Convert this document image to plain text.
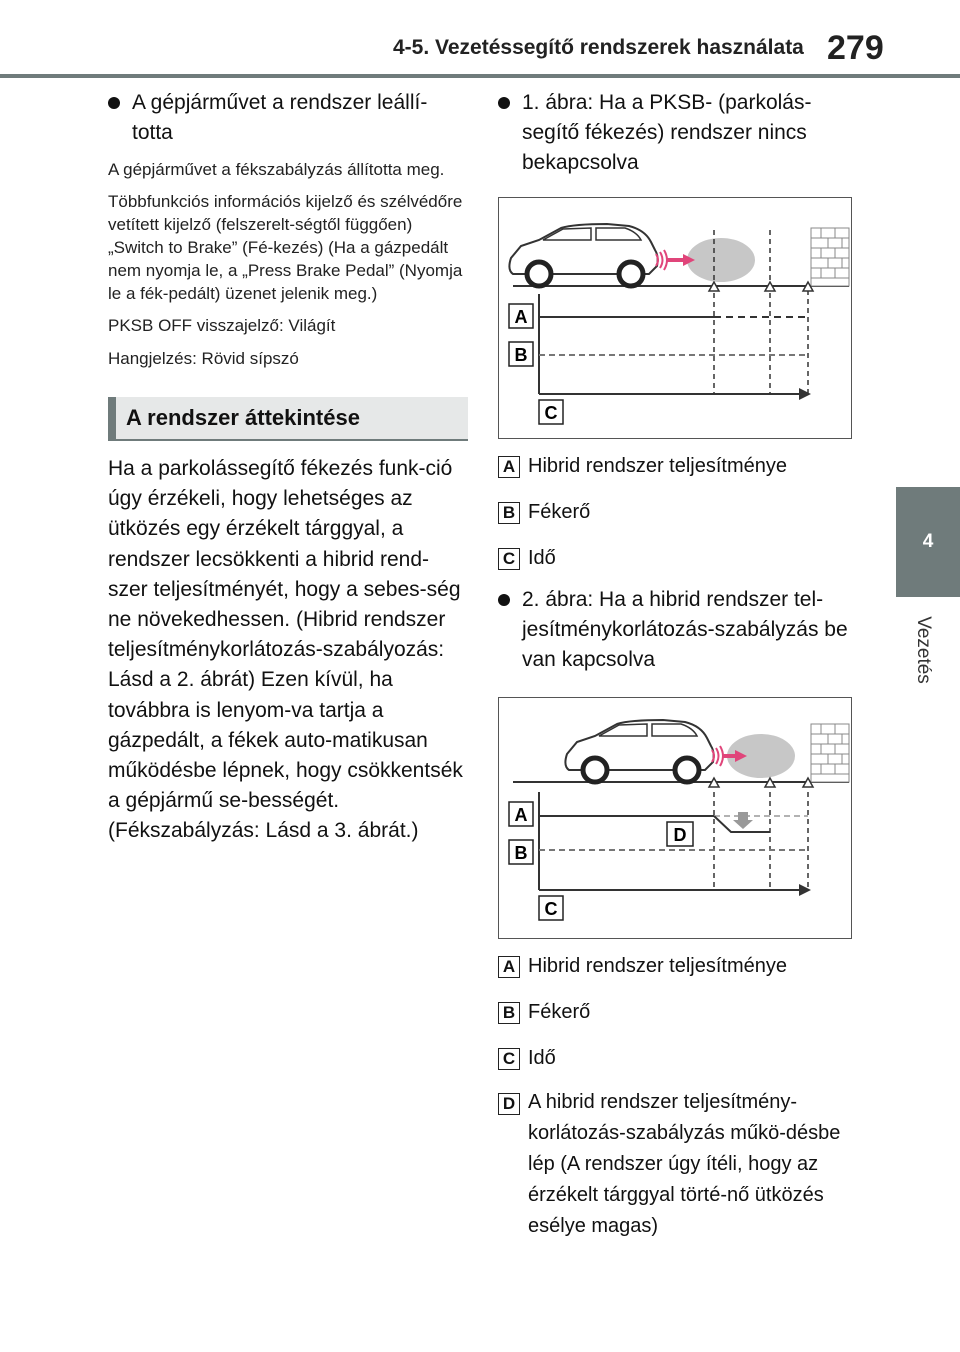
4-5. Vezetéssegítő rendszerek használata 279
4
Vezetés
A gépjárművet a rendszer leállí-totta
A gépjárművet a fékszabályzás állította meg.
Többfunkciós információs kijelző és szélvédőre vetített kijelző (felszerelt-ségtől függően) „Switch to Brake” (Fé-kezés) (Ha a gázpedált nem nyomja le, a „Press Brake Pedal” (Nyomja le a fék-pedált) üzenet jelenik meg.)
PKSB OFF visszajelző: Világít
Hangjelzés: Rövid sípszó
A rendszer áttekintése
Ha a parkolássegítő fékezés funk-ció úgy érzékeli, hogy lehetséges az ütközés egy érzékelt tárggyal, a rendszer lecsökkenti a hibrid rend-szer teljesítményét, hogy a sebes-ség ne növekedhessen. (Hibrid rendszer teljesítménykorlátozás-szabályozás: Lásd a 2. ábrát) Ezen kívül, ha továbbra is lenyom-va tartja a gázpedált, a fékek auto-matikusan működésbe lépnek, hogy csökkentsék a gépjármű se-bességét. (Fékszabályzás: Lásd a 3. ábrát.)
1. ábra: Ha a PKSB- (parkolás-segítő fékezés) rendszer nincs bekapcsolva
A
B
C
A Hibrid rendszer teljesítménye
B Fékerő
C Idő
2. ábra: Ha a hibrid rendszer tel-jesítménykorlátozás-szabályzás be van kapcsolva
A
D
B
C
A Hibrid rendszer teljesítménye
B Fékerő
C Idő
D A hibrid rendszer teljesítmény-korlátozás-szabályzás műkö-désbe lép (A rendszer úgy ítéli, hogy az érzékelt tárggyal törté-nő ütközés esélye magas)
